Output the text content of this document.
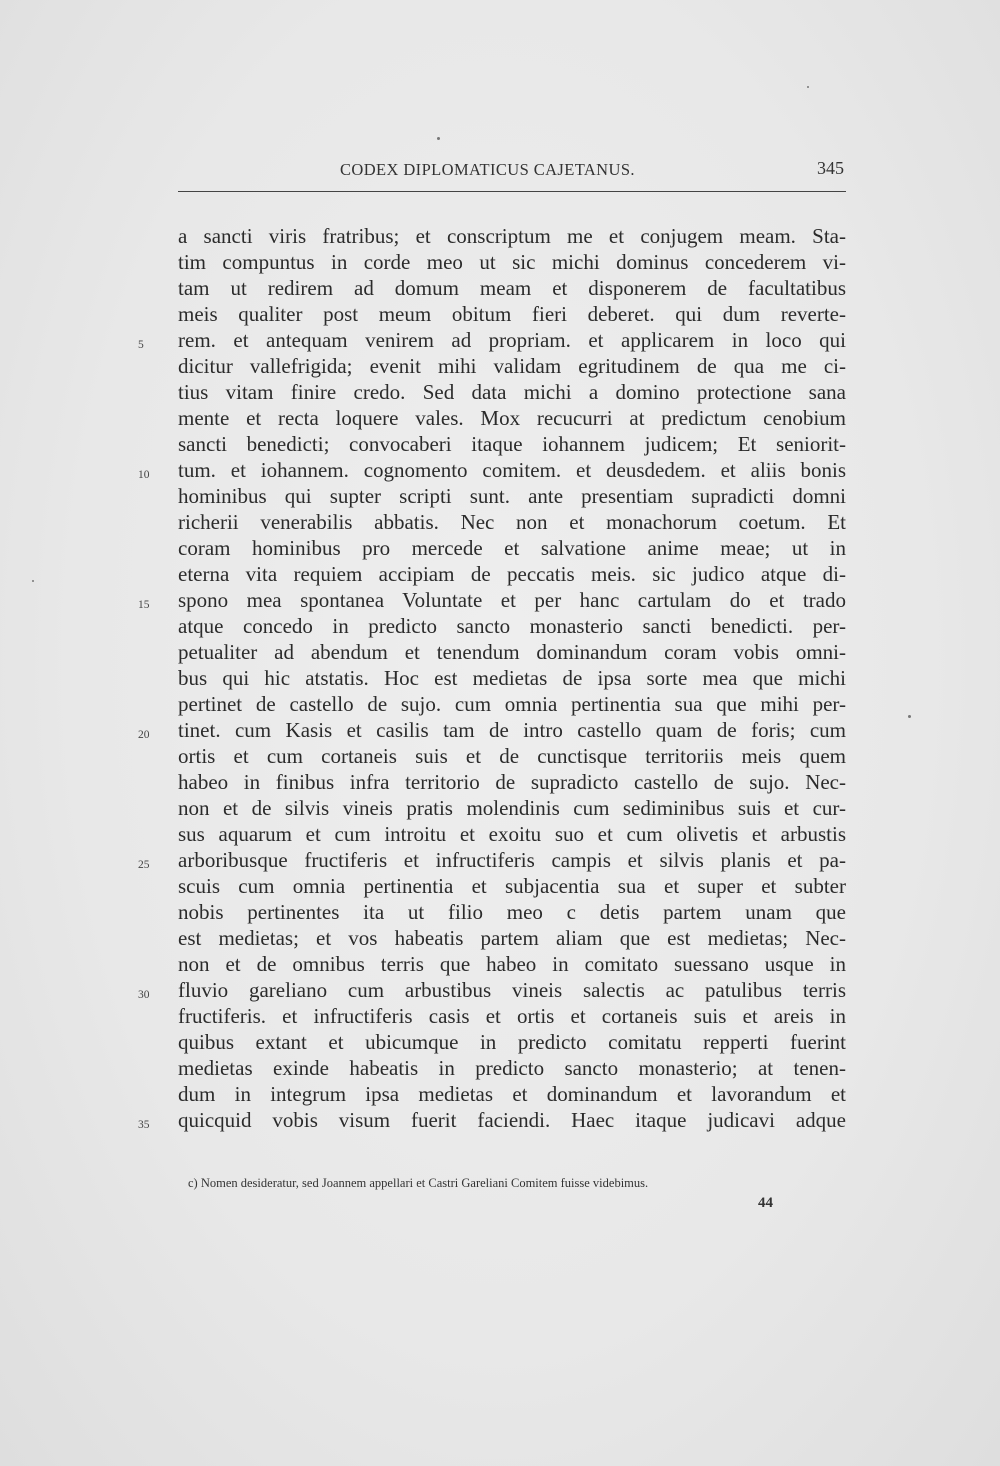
CODEX DIPLOMATICUS CAJETANUS.	345
a sancti viris fratribus; et conscriptum me et conjugem meam. Sta-
tim compuntus in corde meo ut sic michi dominus concederem vi-
tam ut redirem ad domum meam et disponerem de facultatibus
meis qualiter post meum obitum fieri deberet. qui dum reverte-
rem. et antequam venirem ad propriam. et applicarem in loco qui
dicitur vallefrigida; evenit mihi validam egritudinem de qua me ci-
tius vitam finire credo. Sed data michi a domino protectione sana
mente et recta loquere vales. Mox recucurri at predictum cenobium
sancti benedicti; convocaberi itaque iohannem judicem; Et seniorit-
tum. et iohannem. cognomento comitem. et deusdedem. et aliis bonis
hominibus qui supter scripti sunt. ante presentiam supradicti domni
richerii venerabilis abbatis. Nec non et monachorum coetum. Et
coram hominibus pro mercede et salvatione anime meae; ut in
eterna vita requiem accipiam de peccatis meis. sic judico atque di-
spono mea spontanea Voluntate et per hanc cartulam do et trado
atque concedo in predicto sancto monasterio sancti benedicti. per-
petualiter ad abendum et tenendum dominandum coram vobis omni-
bus qui hic atstatis. Hoc est medietas de ipsa sorte mea que michi
pertinet de castello de sujo. cum omnia pertinentia sua que mihi per-
tinet. cum Kasis et casilis tam de intro castello quam de foris; cum
ortis et cum cortaneis suis et de cunctisque territoriis meis quem
habeo in finibus infra territorio de supradicto castello de sujo. Nec-
non et de silvis vineis pratis molendinis cum sediminibus suis et cur-
sus aquarum et cum introitu et exoitu suo et cum olivetis et arbustis
arboribusque fructiferis et infructiferis campis et silvis planis et pa-
scuis cum omnia pertinentia et subjacentia sua et super et subter
nobis pertinentes ita ut filio meo c detis partem unam que
est medietas; et vos habeatis partem aliam que est medietas; Nec-
non et de omnibus terris que habeo in comitato suessano usque in
fluvio gareliano cum arbustibus vineis salectis ac patulibus terris
fructiferis. et infructiferis casis et ortis et cortaneis suis et areis in
quibus extant et ubicumque in predicto comitatu repperti fuerint
medietas exinde habeatis in predicto sancto monasterio; at tenen-
dum in integrum ipsa medietas et dominandum et lavorandum et
quicquid vobis visum fuerit faciendi. Haec itaque judicavi adque
5
10
15
20
25
30
35
c) Nomen desideratur, sed Joannem appellari et Castri Gareliani Comitem fuisse videbimus.
44
